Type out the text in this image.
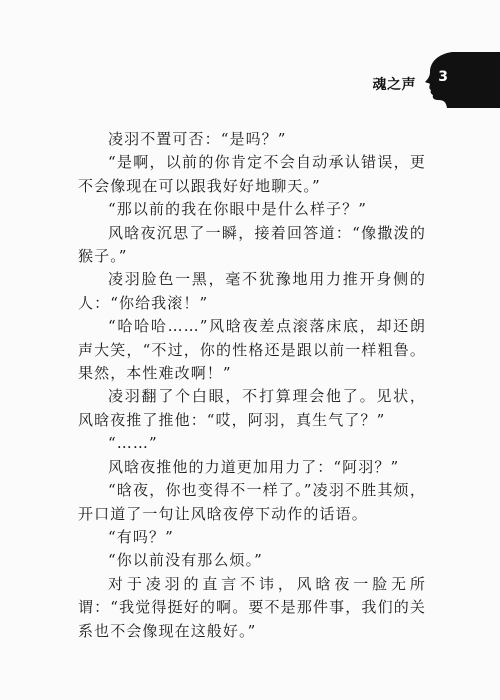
魂之声 3

凌羽不置可否：“是吗？”

“是啊，以前的你肯定不会自动承认错误，更不会像现在可以跟我好好地聊天。”

“那以前的我在你眼中是什么样子？”

风晗夜沉思了一瞬，接着回答道：“像撒泼的猴子。”

凌羽脸色一黑，毫不犹豫地用力推开身侧的人：“你给我滚！”

“哈哈哈……”风晗夜差点滚落床底，却还朗声大笑，“不过，你的性格还是跟以前一样粗鲁。果然，本性难改啊！”

凌羽翻了个白眼，不打算理会他了。见状，风晗夜推了推他：“哎，阿羽，真生气了？”

“……”

风晗夜推他的力道更加用力了：“阿羽？”

“晗夜，你也变得不一样了。”凌羽不胜其烦，开口道了一句让风晗夜停下动作的话语。

“有吗？”

“你以前没有那么烦。”

对于凌羽的直言不讳，风晗夜一脸无所谓：“我觉得挺好的啊。要不是那件事，我们的关系也不会像现在这般好。”
